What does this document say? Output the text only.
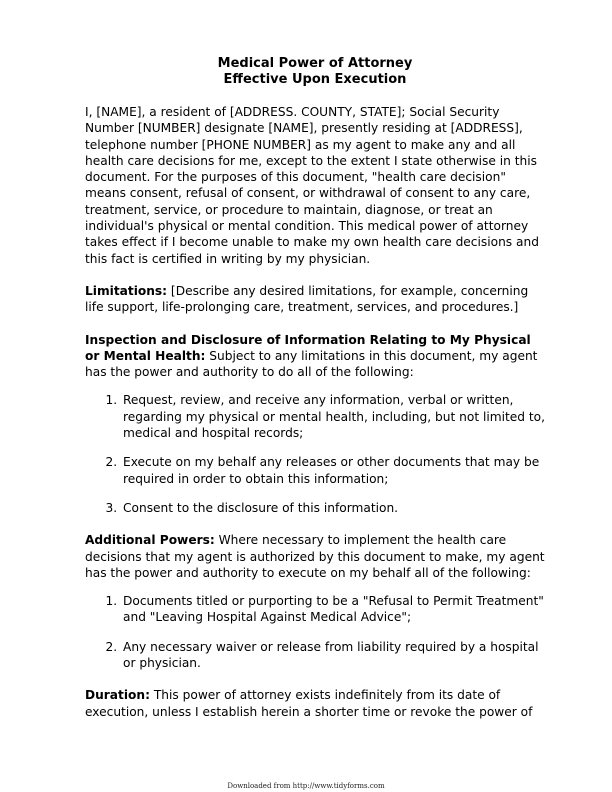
Medical Power of Attorney
Effective Upon Execution

I, [NAME], a resident of [ADDRESS. COUNTY, STATE]; Social Security Number [NUMBER] designate [NAME], presently residing at [ADDRESS], telephone number [PHONE NUMBER] as my agent to make any and all health care decisions for me, except to the extent I state otherwise in this document. For the purposes of this document, "health care decision" means consent, refusal of consent, or withdrawal of consent to any care, treatment, service, or procedure to maintain, diagnose, or treat an individual's physical or mental condition. This medical power of attorney takes effect if I become unable to make my own health care decisions and this fact is certified in writing by my physician.

Limitations: [Describe any desired limitations, for example, concerning life support, life-prolonging care, treatment, services, and procedures.]

Inspection and Disclosure of Information Relating to My Physical or Mental Health: Subject to any limitations in this document, my agent has the power and authority to do all of the following:

1. Request, review, and receive any information, verbal or written, regarding my physical or mental health, including, but not limited to, medical and hospital records;
2. Execute on my behalf any releases or other documents that may be required in order to obtain this information;
3. Consent to the disclosure of this information.

Additional Powers: Where necessary to implement the health care decisions that my agent is authorized by this document to make, my agent has the power and authority to execute on my behalf all of the following:

1. Documents titled or purporting to be a "Refusal to Permit Treatment" and "Leaving Hospital Against Medical Advice";
2. Any necessary waiver or release from liability required by a hospital or physician.

Duration: This power of attorney exists indefinitely from its date of execution, unless I establish herein a shorter time or revoke the power of

Downloaded from http://www.tidyforms.com
